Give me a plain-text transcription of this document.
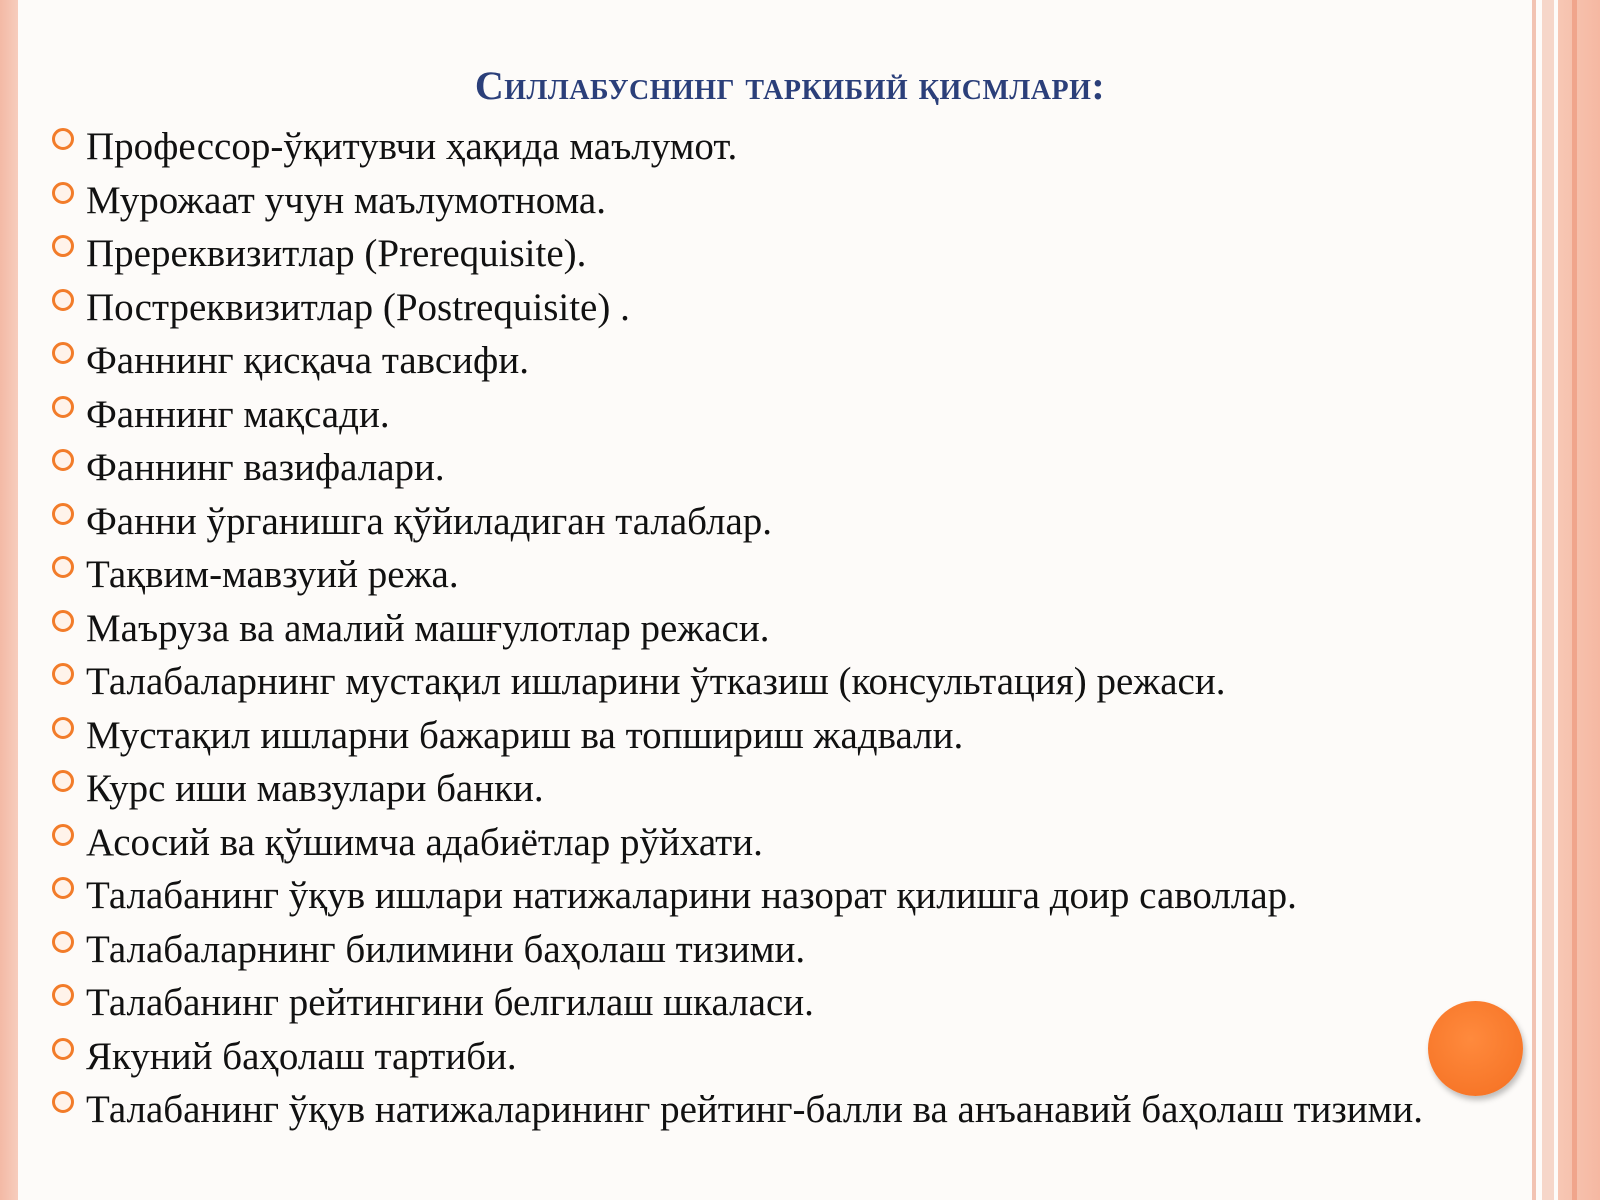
Силлабуснинг таркибий қисмлари:
Профессор-ўқитувчи ҳақида маълумот.
Мурожаат учун маълумотнома.
Пререквизитлар (Prerequisite).
Постреквизитлар (Postrequisite) .
Фаннинг қисқача тавсифи.
Фаннинг мақсади.
Фаннинг вазифалари.
Фанни ўрганишга қўйиладиган талаблар.
Тақвим-мавзуий режа.
Маъруза ва амалий машғулотлар режаси.
Талабаларнинг мустақил ишларини ўтказиш (консультация) режаси.
Мустақил ишларни бажариш ва топшириш жадвали.
Курс иши мавзулари банки.
Асосий ва қўшимча адабиётлар рўйхати.
Талабанинг ўқув ишлари натижаларини назорат қилишга доир саволлар.
Талабаларнинг билимини баҳолаш тизими.
Талабанинг рейтингини белгилаш шкаласи.
Якуний баҳолаш тартиби.
Талабанинг ўқув натижаларининг рейтинг-балли ва анъанавий баҳолаш тизими.
